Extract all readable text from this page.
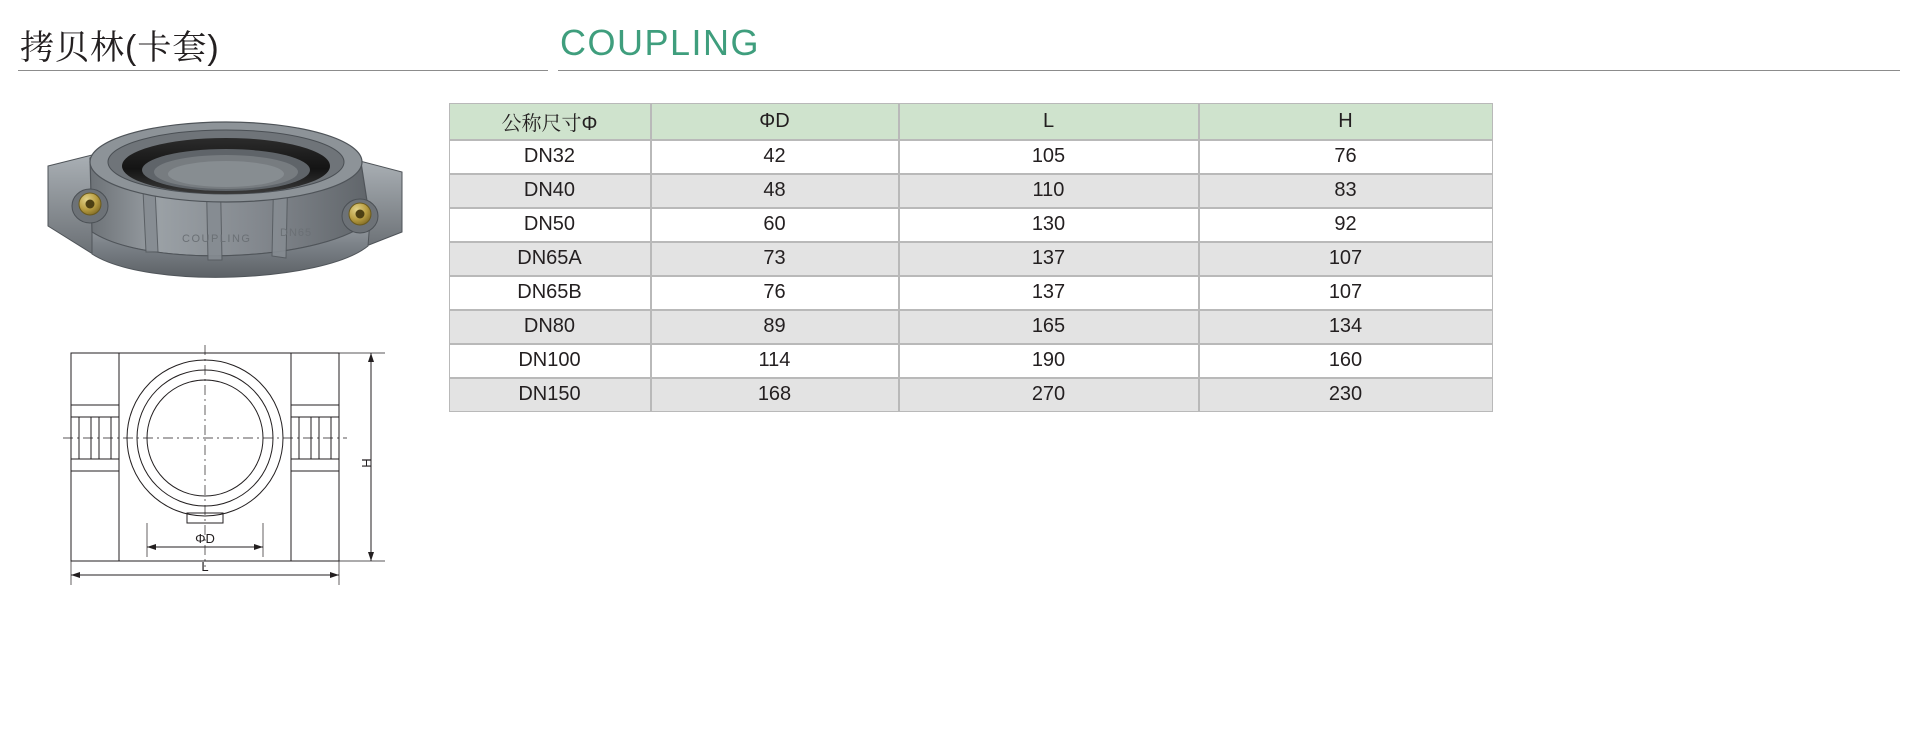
拷贝林(卡套)	COUPLING
COUPLING	DN65
H
ΦD
L
公称尺寸Φ	ΦD	L	H
DN32	42	105	76
DN40	48	110	83
DN50	60	130	92
DN65A	73	137	107
DN65B	76	137	107
DN80	89	165	134
DN100	114	190	160
DN150	168	270	230
